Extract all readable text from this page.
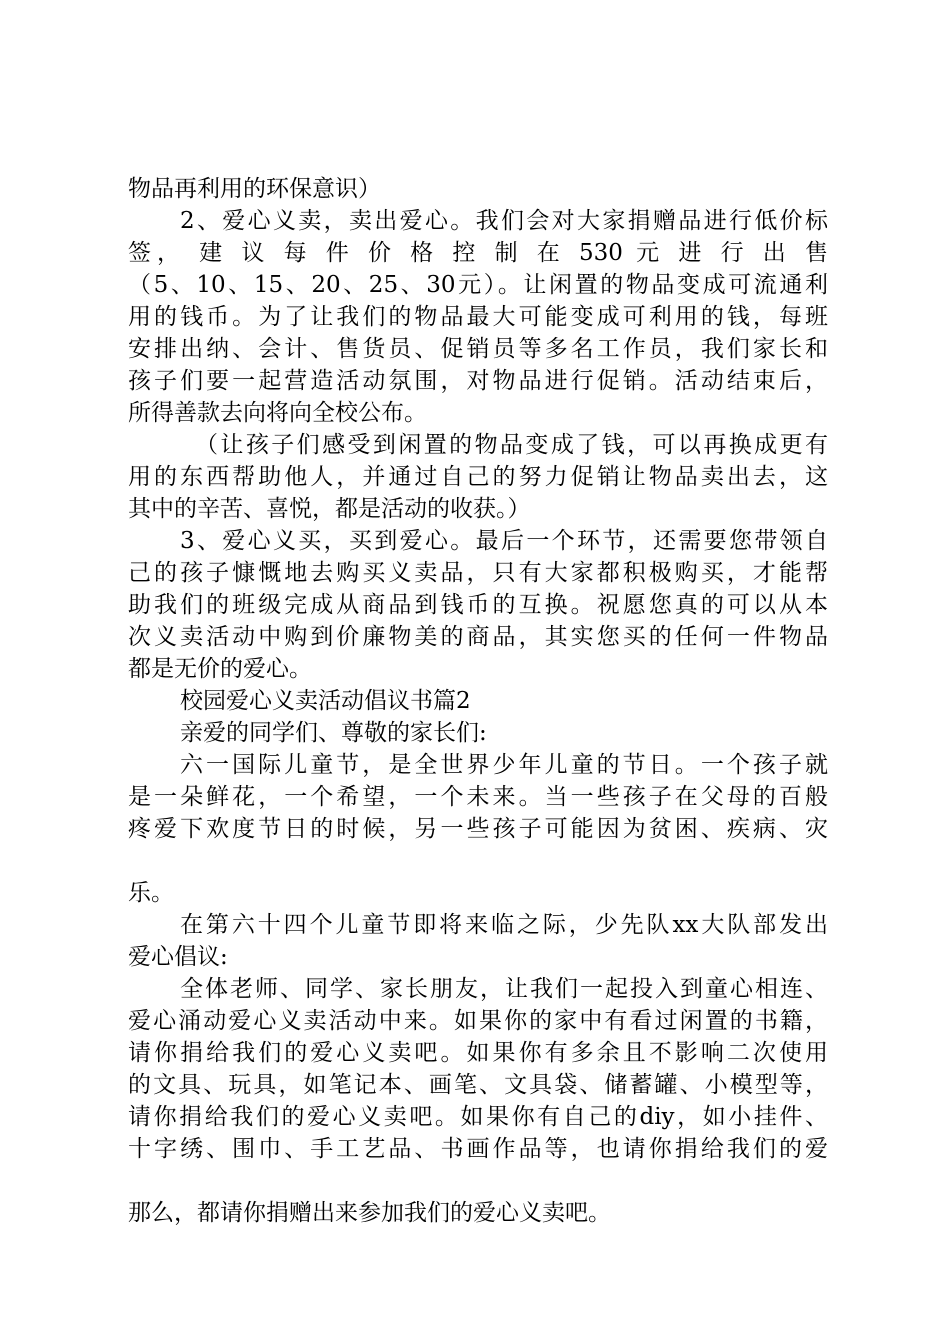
物品再利用的环保意识）
2、爱心义卖，卖出爱心。我们会对大家捐赠品进行低价标
签， 建 议 每 件 价 格 控 制 在 530 元 进 行 出 售
（5、10、15、20、25、30元）。让闲置的物品变成可流通利
用的钱币。为了让我们的物品最大可能变成可利用的钱，每班
安排出纳、会计、售货员、促销员等多名工作员，我们家长和
孩子们要一起营造活动氛围，对物品进行促销。活动结束后，
所得善款去向将向全校公布。
（让孩子们感受到闲置的物品变成了钱，可以再换成更有
用的东西帮助他人，并通过自己的努力促销让物品卖出去，这
其中的辛苦、喜悦，都是活动的收获。）
3、爱心义买，买到爱心。最后一个环节，还需要您带领自
己的孩子慷慨地去购买义卖品，只有大家都积极购买，才能帮
助我们的班级完成从商品到钱币的互换。祝愿您真的可以从本
次义卖活动中购到价廉物美的商品，其实您买的任何一件物品
都是无价的爱心。
校园爱心义卖活动倡议书篇2
亲爱的同学们、尊敬的家长们:
六一国际儿童节，是全世界少年儿童的节日。一个孩子就
是一朵鲜花，一个希望，一个未来。当一些孩子在父母的百般
疼爱下欢度节日的时候，另一些孩子可能因为贫困、疾病、灾

乐。
在第六十四个儿童节即将来临之际，少先队xx大队部发出
爱心倡议:
全体老师、同学、家长朋友，让我们一起投入到童心相连、
爱心涌动爱心义卖活动中来。如果你的家中有看过闲置的书籍，
请你捐给我们的爱心义卖吧。如果你有多余且不影响二次使用
的文具、玩具，如笔记本、画笔、文具袋、储蓄罐、小模型等，
请你捐给我们的爱心义卖吧。如果你有自己的diy，如小挂件、
十字绣、围巾、手工艺品、书画作品等，也请你捐给我们的爱

那么，都请你捐赠出来参加我们的爱心义卖吧。
